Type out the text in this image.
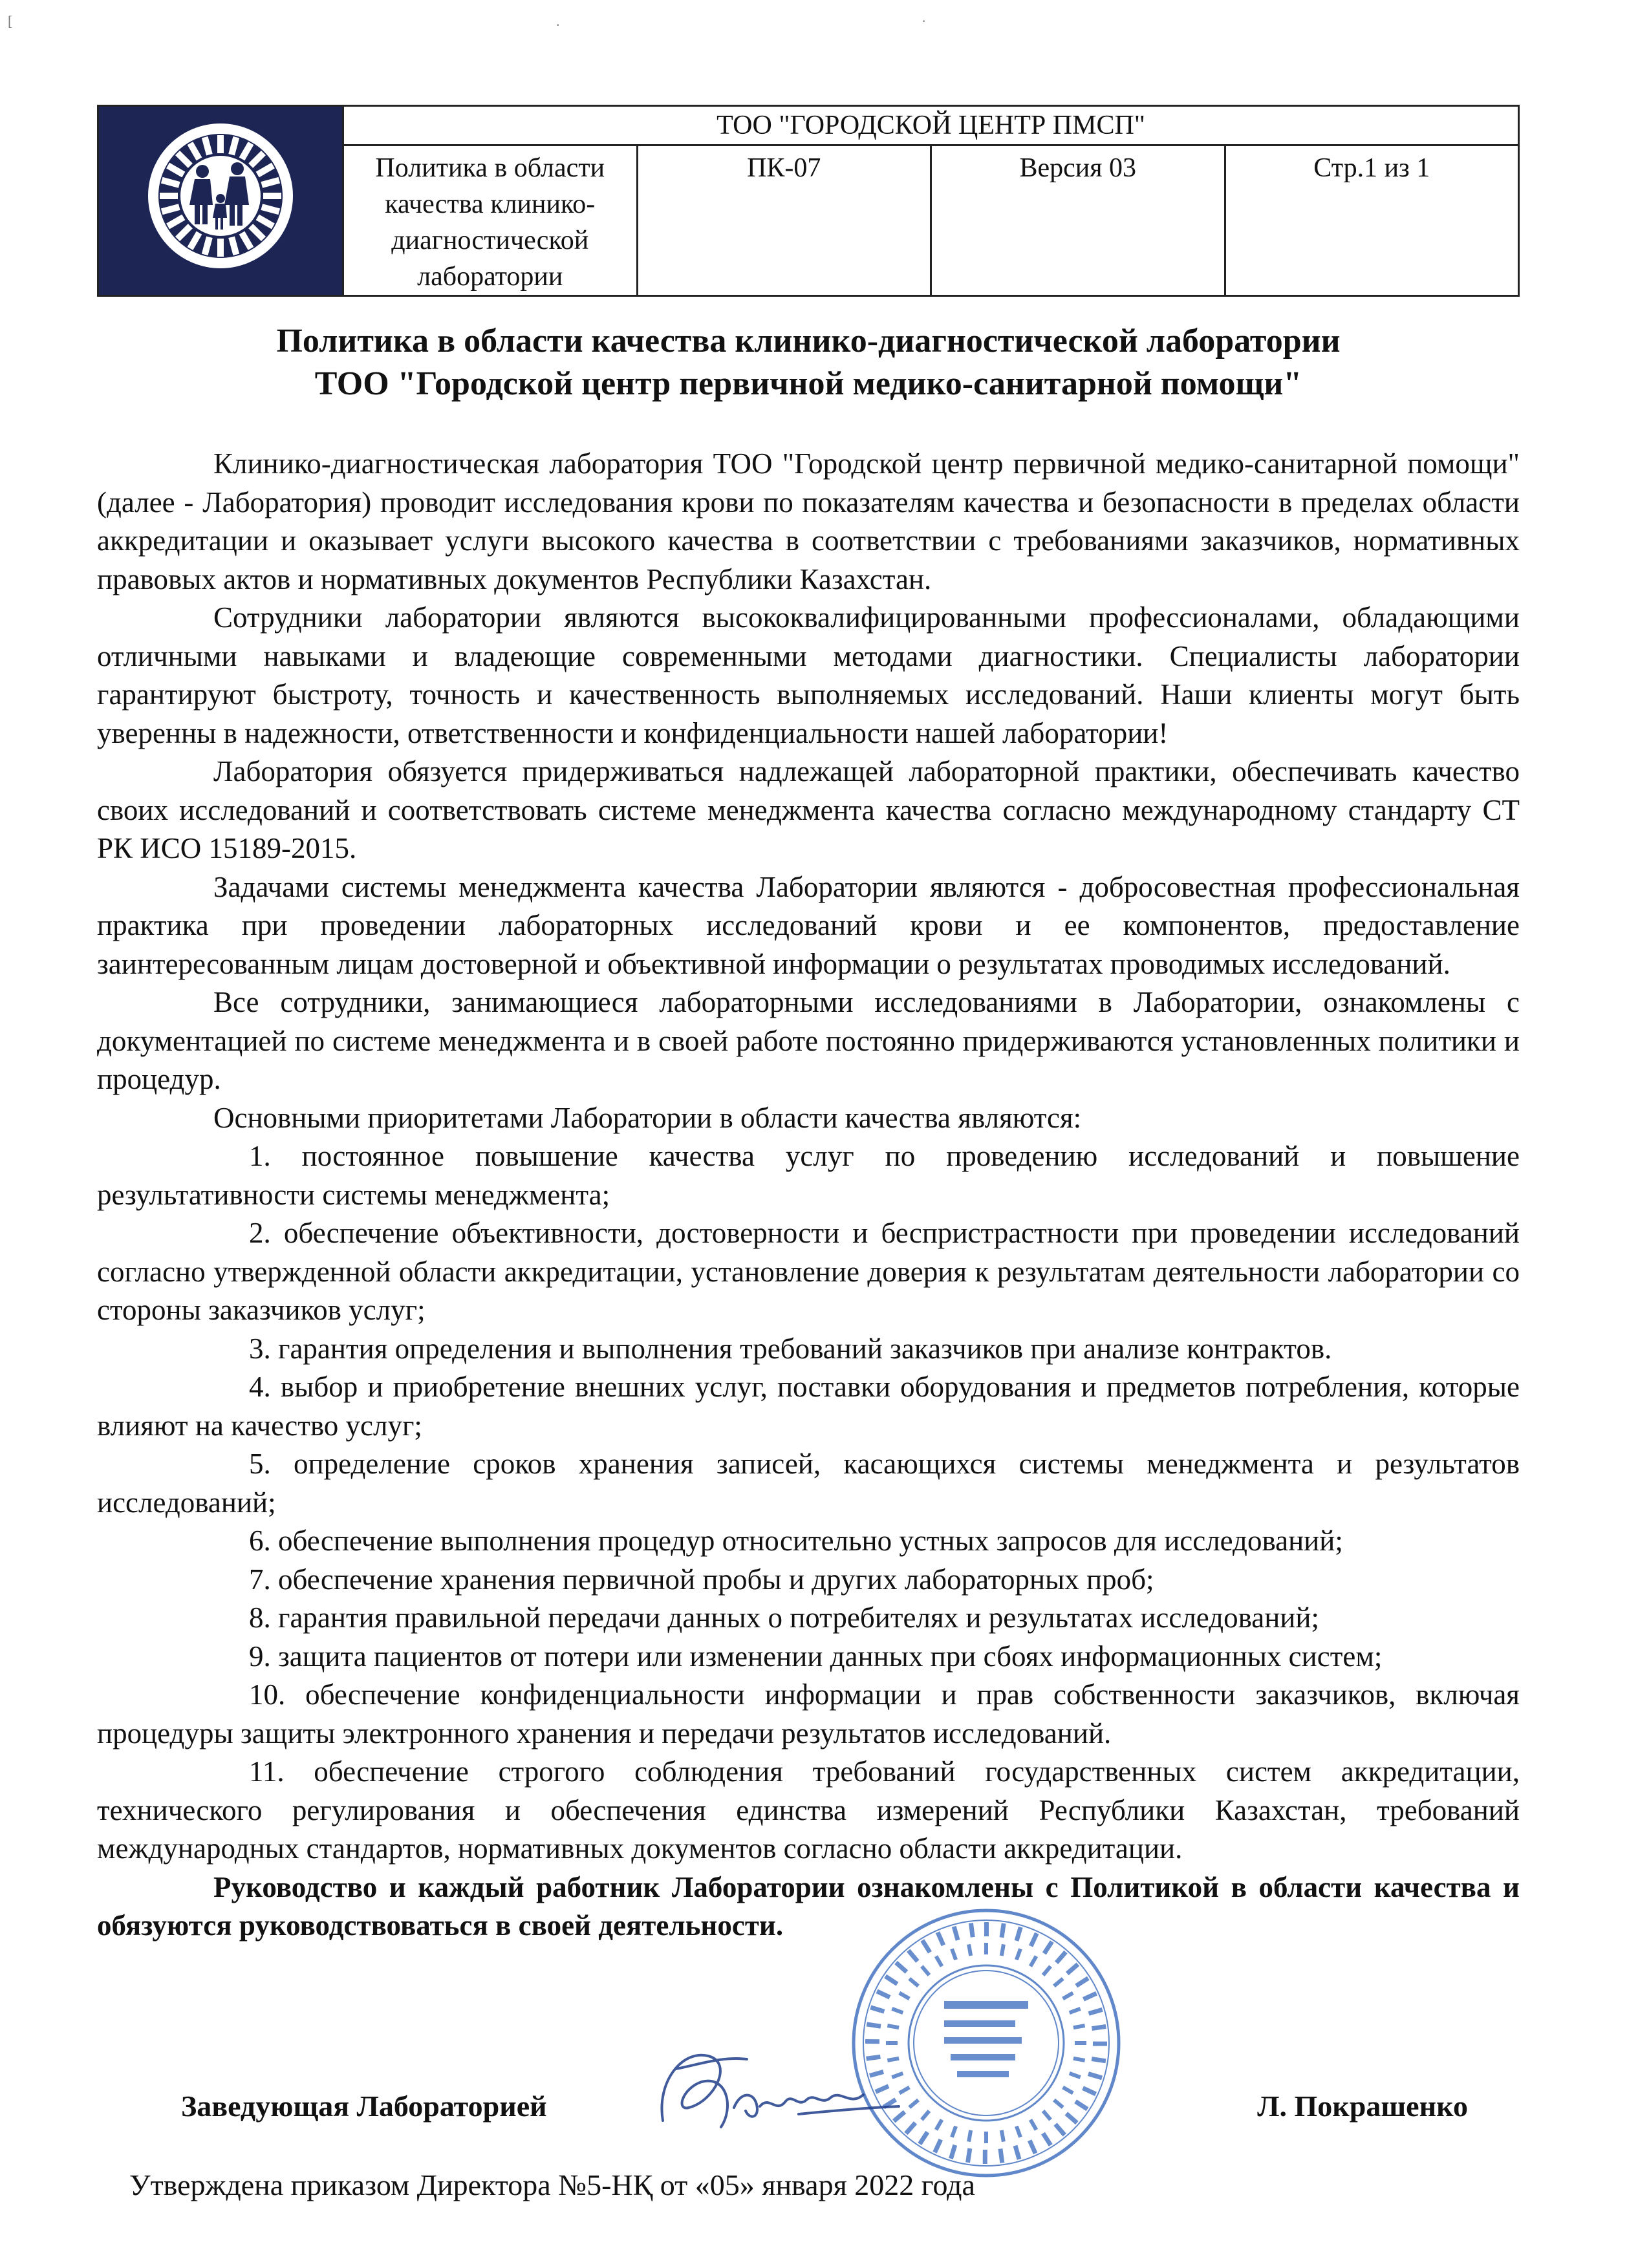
[	.	·
	ТОО "ГОРОДСКОЙ ЦЕНТР ПМСП"			

	Политика в области качества клинико-
диагностической лаборатории	ПК-07	Версия 03	Стр.1 из 1
Политика в области качества клинико-диагностической лаборатории
ТОО "Городской центр первичной медико-санитарной помощи"

Клинико-диагностическая лаборатория ТОО "Городской центр первичной медико-санитарной помощи" (далее - Лаборатория) проводит исследования крови по показателям качества и безопасности в пределах области аккредитации и оказывает услуги высокого качества в соответствии с требованиями заказчиков, нормативных правовых актов и нормативных документов Республики Казахстан.

Сотрудники лаборатории являются высококвалифицированными профессионалами, обладающими отличными навыками и владеющие современными методами диагностики. Специалисты лаборатории гарантируют быстроту, точность и качественность выполняемых исследований. Наши клиенты могут быть уверенны в надежности, ответственности и конфиденциальности нашей лаборатории!

Лаборатория обязуется придерживаться надлежащей лабораторной практики, обеспечивать качество своих исследований и соответствовать системе менеджмента качества согласно международному стандарту СТ РК ИСО 15189-2015.

Задачами системы менеджмента качества Лаборатории являются - добросовестная профессиональная практика при проведении лабораторных исследований крови и ее компонентов, предоставление заинтересованным лицам достоверной и объективной информации о результатах проводимых исследований.

Все сотрудники, занимающиеся лабораторными исследованиями в Лаборатории, ознакомлены с документацией по системе менеджмента и в своей работе постоянно придерживаются установленных политики и процедур.

Основными приоритетами Лаборатории в области качества являются:

1. постоянное повышение качества услуг по проведению исследований и повышение результативности системы менеджмента;

2. обеспечение объективности, достоверности и беспристрастности при проведении исследований согласно утвержденной области аккредитации, установление доверия к результатам деятельности лаборатории со стороны заказчиков услуг;

3. гарантия определения и выполнения требований заказчиков при анализе контрактов.

4. выбор и приобретение внешних услуг, поставки оборудования и предметов потребления, которые влияют на качество услуг;

5. определение сроков хранения записей, касающихся системы менеджмента и результатов исследований;

6. обеспечение выполнения процедур относительно устных запросов для исследований;

7. обеспечение хранения первичной пробы и других лабораторных проб;

8. гарантия правильной передачи данных о потребителях и результатах исследований;

9. защита пациентов от потери или изменении данных при сбоях информационных систем;

10. обеспечение конфиденциальности информации и прав собственности заказчиков, включая процедуры защиты электронного хранения и передачи результатов исследований.

11. обеспечение строгого соблюдения требований государственных систем аккредитации, технического регулирования и обеспечения единства измерений Республики Казахстан, требований международных стандартов, нормативных документов согласно области аккредитации.

Руководство и каждый работник Лаборатории ознакомлены с Политикой в области качества и обязуются руководствоваться в своей деятельности.

Заведующая Лабораторией	Л. Покрашенко
Утверждена приказом Директора №5-НҚ от «05» января 2022 года
